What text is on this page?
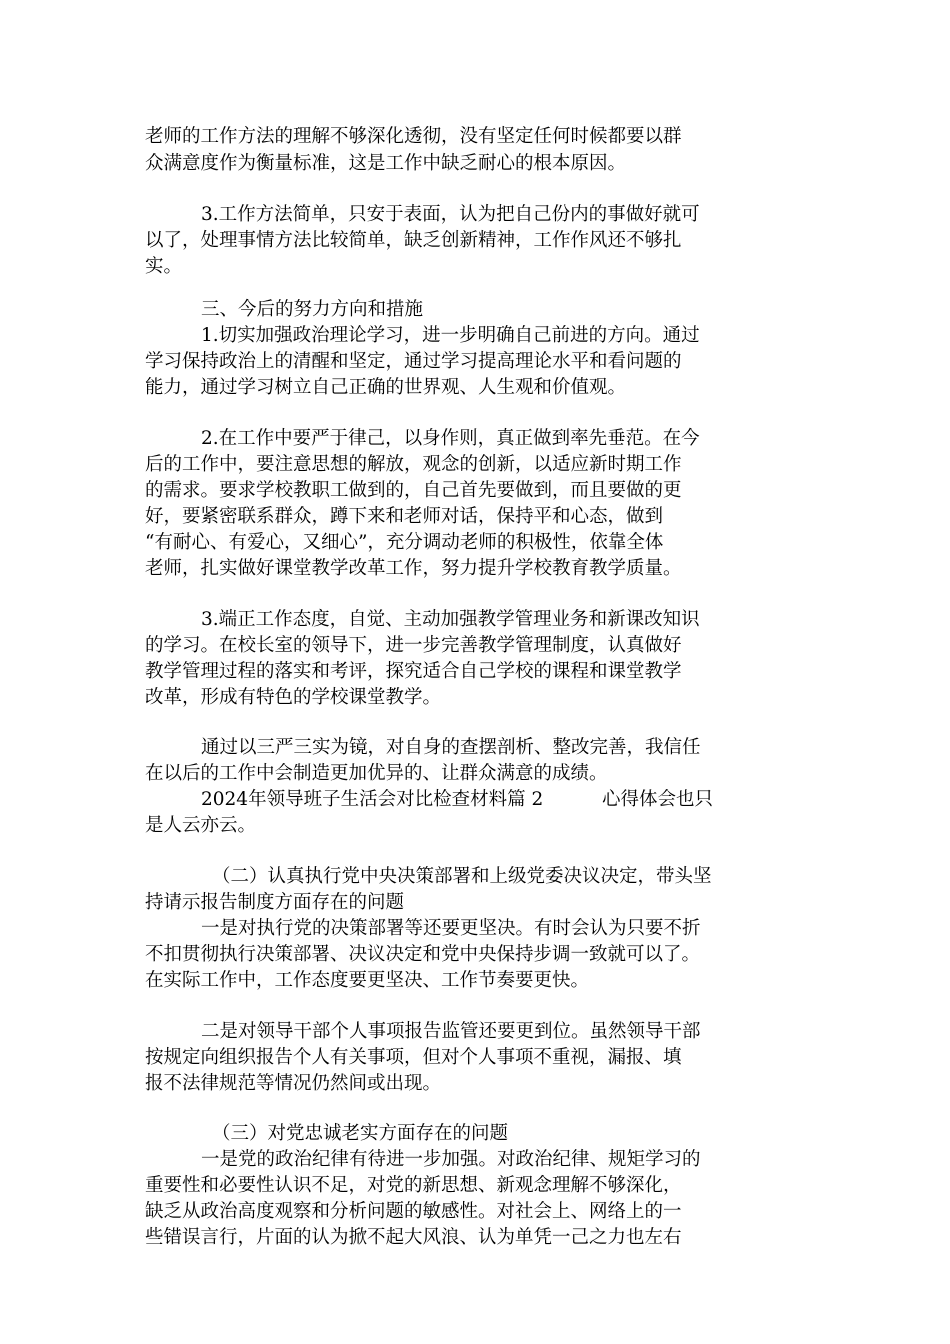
老师的工作方法的理解不够深化透彻，没有坚定任何时候都要以群
众满意度作为衡量标准，这是工作中缺乏耐心的根本原因。
3.工作方法简单，只安于表面，认为把自己份内的事做好就可
以了，处理事情方法比较简单，缺乏创新精神，工作作风还不够扎
实。
三、今后的努力方向和措施
1.切实加强政治理论学习，进一步明确自己前进的方向。通过
学习保持政治上的清醒和坚定，通过学习提高理论水平和看问题的
能力，通过学习树立自己正确的世界观、人生观和价值观。
2.在工作中要严于律己，以身作则，真正做到率先垂范。在今
后的工作中，要注意思想的解放，观念的创新，以适应新时期工作
的需求。要求学校教职工做到的，自己首先要做到，而且要做的更
好，要紧密联系群众，蹲下来和老师对话，保持平和心态，做到
“有耐心、有爱心，又细心”，充分调动老师的积极性，依靠全体
老师，扎实做好课堂教学改革工作，努力提升学校教育教学质量。
3.端正工作态度，自觉、主动加强教学管理业务和新课改知识
的学习。在校长室的领导下，进一步完善教学管理制度，认真做好
教学管理过程的落实和考评，探究适合自己学校的课程和课堂教学
改革，形成有特色的学校课堂教学。
通过以三严三实为镜，对自身的查摆剖析、整改完善，我信任
在以后的工作中会制造更加优异的、让群众满意的成绩。
2024年领导班子生活会对比检查材料篇 2          心得体会也只
是人云亦云。
（二）认真执行党中央决策部署和上级党委决议决定，带头坚
持请示报告制度方面存在的问题
一是对执行党的决策部署等还要更坚决。有时会认为只要不折
不扣贯彻执行决策部署、决议决定和党中央保持步调一致就可以了。
在实际工作中，工作态度要更坚决、工作节奏要更快。
二是对领导干部个人事项报告监管还要更到位。虽然领导干部
按规定向组织报告个人有关事项，但对个人事项不重视，漏报、填
报不法律规范等情况仍然间或出现。
（三）对党忠诚老实方面存在的问题
一是党的政治纪律有待进一步加强。对政治纪律、规矩学习的
重要性和必要性认识不足，对党的新思想、新观念理解不够深化，
缺乏从政治高度观察和分析问题的敏感性。对社会上、网络上的一
些错误言行，片面的认为掀不起大风浪、认为单凭一己之力也左右
